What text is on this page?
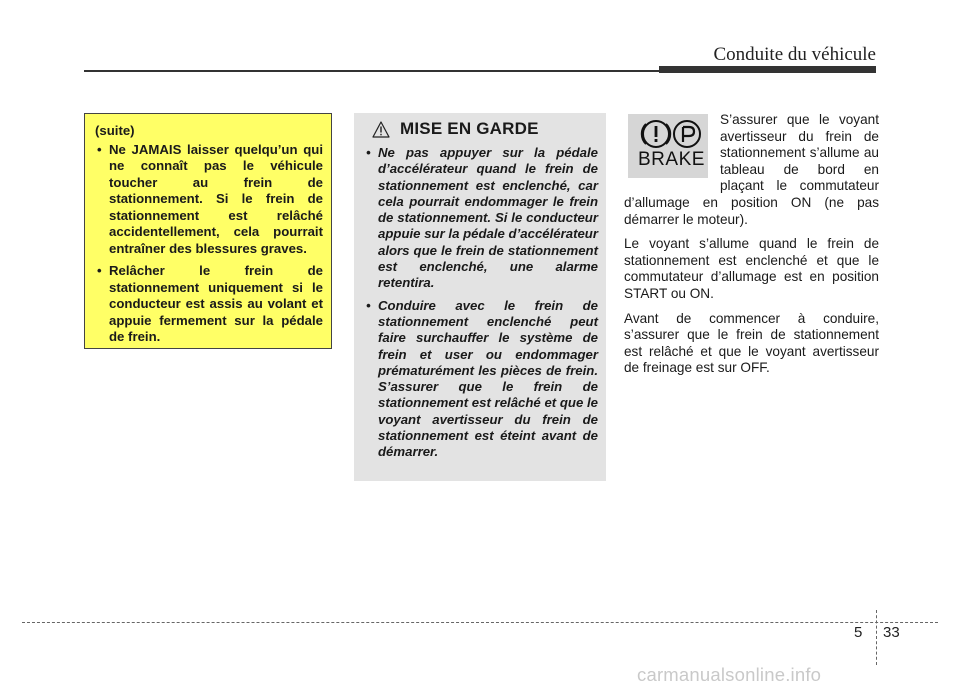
Conduite du véhicule
(suite)
• Ne JAMAIS laisser quelqu’un qui ne connaît pas le véhicule toucher au frein de stationnement. Si le frein de stationnement est relâché accidentellement, cela pourrait entraîner des blessures graves.
• Relâcher le frein de stationnement uniquement si le conducteur est assis au volant et appuie fermement sur la pédale de frein.
MISE EN GARDE
• Ne pas appuyer sur la pédale d’accélérateur quand le frein de stationnement est enclenché, car cela pourrait endommager le frein de stationnement. Si le conducteur appuie sur la pédale d’accélérateur alors que le frein de stationnement est enclenché, une alarme retentira.
• Conduire avec le frein de stationnement enclenché peut faire surchauffer le système de frein et user ou endommager prématurément les pièces de frein. S’assurer que le frein de stationnement est relâché et que le voyant avertisseur du frein de stationnement est éteint avant de démarrer.
BRAKE

S’assurer que le voyant avertisseur du frein de stationnement s’allume au tableau de bord en plaçant le commutateur d’allumage en position ON (ne pas démarrer le moteur).

Le voyant s’allume quand le frein de stationnement est enclenché et que le commutateur d’allumage est en position START ou ON.

Avant de commencer à conduire, s’assurer que le frein de stationnement est relâché et que le voyant avertisseur de freinage est sur OFF.

5 33
carmanualsonline.info
